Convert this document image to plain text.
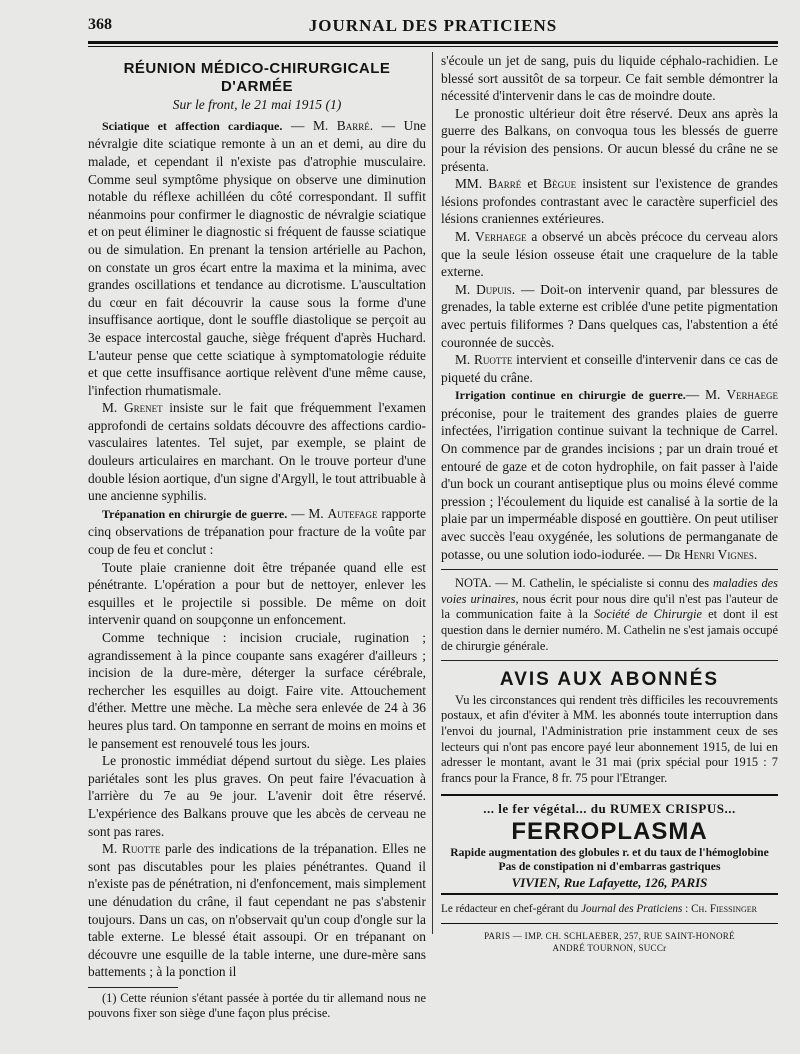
368	JOURNAL DES PRATICIENS
RÉUNION MÉDICO-CHIRURGICALE D'ARMÉE
Sur le front, le 21 mai 1915 (1)

Sciatique et affection cardiaque. — M. Barré. — Une névralgie dite sciatique remonte à un an et demi, au dire du malade, et cependant il n'existe pas d'atrophie musculaire. Comme seul symptôme physique on observe une diminution notable du réflexe achilléen du côté correspondant. Il suffit néanmoins pour confirmer le diagnostic de névralgie sciatique et on peut éliminer le diagnostic si fréquent de fausse sciatique ou de simulation. En prenant la tension artérielle au Pachon, on constate un gros écart entre la maxima et la minima, avec grandes oscillations et tendance au dicrotisme. L'auscultation du cœur en fait découvrir la cause sous la forme d'une insuffisance aortique, dont le souffle diastolique se perçoit au 3e espace intercostal gauche, siège fréquent d'après Huchard. L'auteur pense que cette sciatique à symptomatologie réduite et que cette insuffisance aortique relèvent d'une même cause, l'infection rhumatismale.

M. Grenet insiste sur le fait que fréquemment l'examen approfondi de certains soldats découvre des affections cardio-vasculaires latentes. Tel sujet, par exemple, se plaint de douleurs articulaires en marchant. On le trouve porteur d'une double lésion aortique, d'un signe d'Argyll, le tout attribuable à une ancienne syphilis.

Trépanation en chirurgie de guerre. — M. Autefage rapporte cinq observations de trépanation pour fracture de la voûte par coup de feu et conclut :

Toute plaie cranienne doit être trépanée quand elle est pénétrante. L'opération a pour but de nettoyer, enlever les esquilles et le projectile si possible. De même on doit intervenir quand on soupçonne un enfoncement.

Comme technique : incision cruciale, rugination ; agrandissement à la pince coupante sans exagérer d'ailleurs ; incision de la dure-mère, déterger la surface cérébrale, rechercher les esquilles au doigt. Faire vite. Attouchement d'éther. Mettre une mèche. La mèche sera enlevée de 24 à 36 heures plus tard. On tamponne en serrant de moins en moins et le pansement est renouvelé tous les jours.

Le pronostic immédiat dépend surtout du siège. Les plaies pariétales sont les plus graves. On peut faire l'évacuation à l'arrière du 7e au 9e jour. L'avenir doit être réservé. L'expérience des Balkans prouve que les abcès de cerveau ne sont pas rares.

M. Ruotte parle des indications de la trépanation. Elles ne sont pas discutables pour les plaies pénétrantes. Quand il n'existe pas de pénétration, ni d'enfoncement, mais simplement une dénudation du crâne, il faut cependant ne pas s'abstenir toujours. Dans un cas, on n'observait qu'un coup d'ongle sur la table externe. Le blessé était assoupi. Or en trépanant on découvre une esquille de la table interne, une dure-mère sans battements ; à la ponction il

(1) Cette réunion s'étant passée à portée du tir allemand nous ne pouvons fixer son siège d'une façon plus précise.

s'écoule un jet de sang, puis du liquide céphalo-rachidien. Le blessé sort aussitôt de sa torpeur. Ce fait semble démontrer la nécessité d'intervenir dans le cas de moindre doute.

Le pronostic ultérieur doit être réservé. Deux ans après la guerre des Balkans, on convoqua tous les blessés de guerre pour la révision des pensions. Or aucun blessé du crâne ne se présenta.

MM. Barré et Bègue insistent sur l'existence de grandes lésions profondes contrastant avec le caractère superficiel des lésions craniennes extérieures.

M. Verhaege a observé un abcès précoce du cerveau alors que la seule lésion osseuse était une craquelure de la table externe.

M. Dupuis. — Doit-on intervenir quand, par blessures de grenades, la table externe est criblée d'une petite pigmentation avec pertuis filiformes ? Dans quelques cas, l'abstention a été couronnée de succès.

M. Ruotte intervient et conseille d'intervenir dans ce cas de piqueté du crâne.

Irrigation continue en chirurgie de guerre.— M. Verhaege préconise, pour le traitement des grandes plaies de guerre infectées, l'irrigation continue suivant la technique de Carrel. On commence par de grandes incisions ; par un drain troué et entouré de gaze et de coton hydrophile, on fait passer à l'aide d'un bock un courant antiseptique plus ou moins élevé comme pression ; l'écoulement du liquide est canalisé à la sortie de la plaie par un imperméable disposé en gouttière. On peut utiliser avec succès l'eau oxygénée, les solutions de permanganate de potasse, ou une solution iodo-iodurée. — Dr Henri Vignes.

NOTA. — M. Cathelin, le spécialiste si connu des maladies des voies urinaires, nous écrit pour nous dire qu'il n'est pas l'auteur de la communication faite à la Société de Chirurgie et dont il est question dans le dernier numéro. M. Cathelin ne s'est jamais occupé de chirurgie générale.

AVIS AUX ABONNÉS

Vu les circonstances qui rendent très difficiles les recouvrements postaux, et afin d'éviter à MM. les abonnés toute interruption dans l'envoi du journal, l'Administration prie instamment ceux de ses lecteurs qui n'ont pas encore payé leur abonnement 1915, de lui en adresser le montant, avant le 31 mai (prix spécial pour 1915 : 7 francs pour la France, 8 fr. 75 pour l'Etranger.

... le fer végétal... du RUMEX CRISPUS...
FERROPLASMA
Rapide augmentation des globules r. et du taux de l'hémoglobine
Pas de constipation ni d'embarras gastriques
VIVIEN, Rue Lafayette, 126, PARIS
Le rédacteur en chef-gérant du Journal des Praticiens : Ch. Fiessinger
PARIS — IMP. CH. SCHLAEBER, 257, RUE SAINT-HONORÉ
ANDRÉ TOURNON, SUCCr
